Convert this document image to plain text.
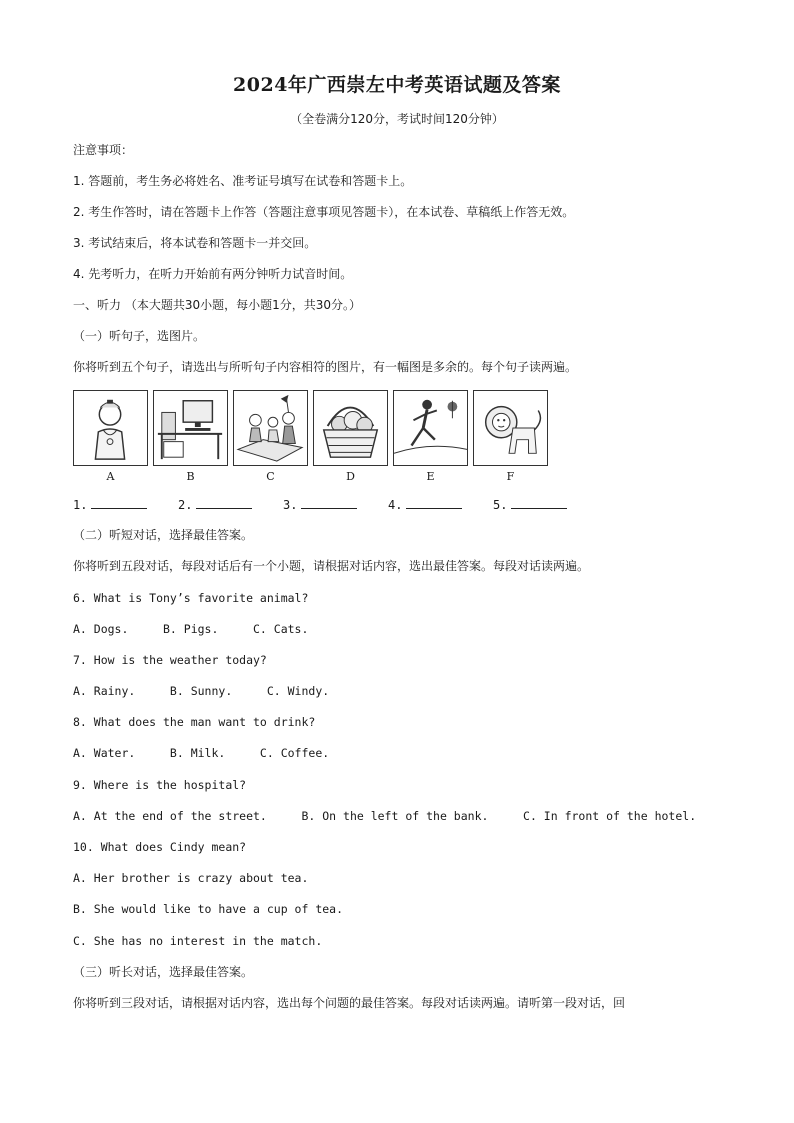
2024年广西崇左中考英语试题及答案
（全卷满分120分，考试时间120分钟）
注意事项：
1. 答题前，考生务必将姓名、准考证号填写在试卷和答题卡上。
2. 考生作答时，请在答题卡上作答（答题注意事项见答题卡），在本试卷、草稿纸上作答无效。
3. 考试结束后，将本试卷和答题卡一并交回。
4. 先考听力，在听力开始前有两分钟听力试音时间。
一、听力 （本大题共30小题，每小题1分，共30分。）
（一）听句子，选图片。
你将听到五个句子，请选出与所听句子内容相符的图片，有一幅图是多余的。每个句子读两遍。
A	B	C	D	E	F
1.	2.	3.	4.	5.
（二）听短对话，选择最佳答案。
你将听到五段对话，每段对话后有一个小题，请根据对话内容，选出最佳答案。每段对话读两遍。
6. What is Tony’s favorite animal?
A. Dogs.     B. Pigs.     C. Cats.
7. How is the weather today?
A. Rainy.     B. Sunny.     C. Windy.
8. What does the man want to drink?
A. Water.     B. Milk.     C. Coffee.
9. Where is the hospital?
A. At the end of the street.     B. On the left of the bank.     C. In front of the hotel.
10. What does Cindy mean?
A. Her brother is crazy about tea.
B. She would like to have a cup of tea.
C. She has no interest in the match.
（三）听长对话，选择最佳答案。
你将听到三段对话，请根据对话内容，选出每个问题的最佳答案。每段对话读两遍。请听第一段对话，回
